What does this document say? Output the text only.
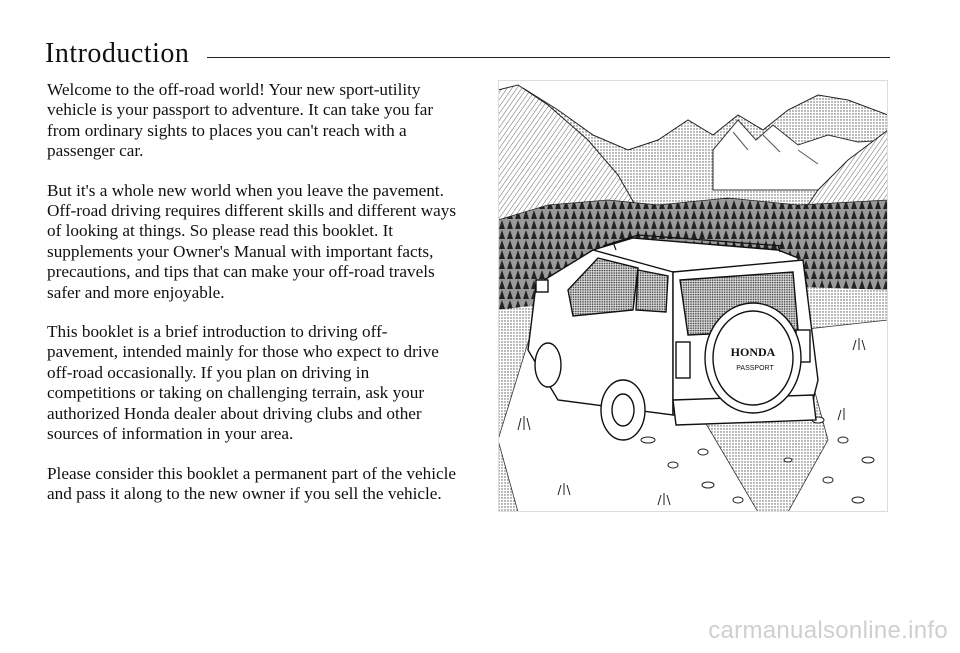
Introduction

Welcome to the off-road world! Your new sport-utility vehicle is your passport to adventure. It can take you far from ordinary sights to places you can't reach with a passenger car.

But it's a whole new world when you leave the pavement. Off-road driving requires different skills and different ways of looking at things. So please read this booklet. It supplements your Owner's Manual with important facts, precautions, and tips that can make your off-road travels safer and more enjoyable.

This booklet is a brief introduction to driving off-pavement, intended mainly for those who expect to drive off-road occasionally. If you plan on driving in competitions or taking on challenging terrain, ask your authorized Honda dealer about driving clubs and other sources of information in your area.

Please consider this booklet a permanent part of the vehicle and pass it along to the new owner if you sell the vehicle.

HONDA
PASSPORT
carmanualsonline.info
